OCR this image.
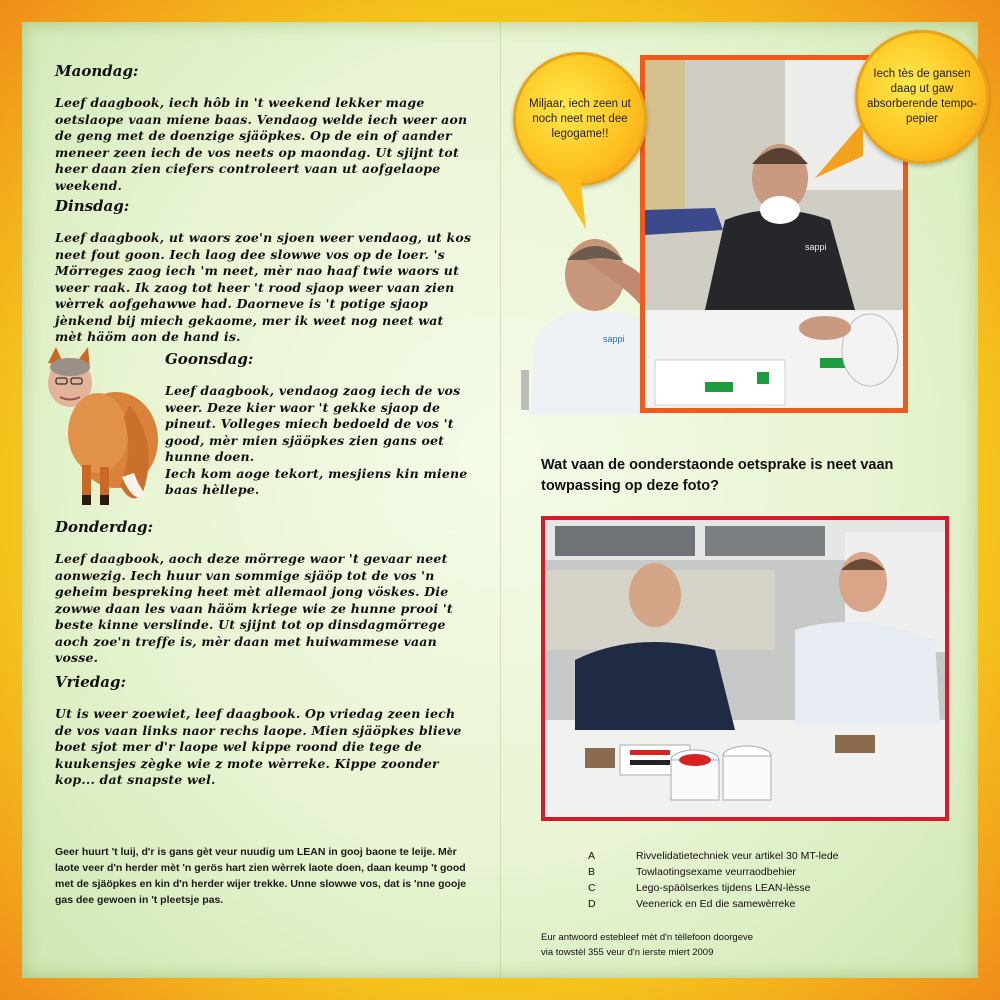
Maondag:
Leef daagbook, iech hôb in 't weekend lekker mage oetslaope vaan miene baas. Vendaog welde iech weer aon de geng met de doenzige sjäöpkes. Op de ein of aander meneer zeen iech de vos neets op maondag. Ut sjijnt tot heer daan zien ciefers controleert vaan ut aofgelaope weekend.
Dinsdag:
Leef daagbook, ut waors zoe'n sjoen weer vendaog, ut kos neet fout goon. Iech laog dee slowwe vos op de loer. 's Mörreges zaog iech 'm neet, mèr nao haaf twie waors ut weer raak. Ik zaog tot heer 't rood sjaop weer vaan zien wèrrek aofgehawwe had. Daorneve is 't potige sjaop jènkend bij miech gekaome, mer ik weet nog neet wat mèt häöm aon de hand is.
Goonsdag:
Leef daagbook, vendaog zaog iech de vos weer. Deze kier waor 't gekke sjaop de pineut. Volleges miech bedoeld de vos 't good, mèr mien sjäöpkes zien gans oet hunne doen.
Iech kom aoge tekort, mesjiens kin miene baas hèllepe.
Donderdag:
Leef daagbook, aoch deze mörrege waor 't gevaar neet aonwezig. Iech huur van sommige sjäöp tot de vos 'n geheim bespreking heet mèt allemaol jong vöskes. Die zowwe daan les vaan häöm kriege wie ze hunne prooi 't beste kinne verslinde. Ut sjijnt tot op dinsdagmörrege aoch zoe'n treffe is, mèr daan met huiwammese vaan vosse.
Vriedag:
Ut is weer zoewiet, leef daagbook. Op vriedag zeen iech de vos vaan links naor rechs laope. Mien sjäöpkes blieve boet sjot mer d'r laope wel kippe roond die tege de kuukensjes zègke wie z mote wèrreke. Kippe zoonder kop... dat snapste wel.
Geer huurt 't luij, d'r is gans gèt veur nuudig um LEAN in gooj baone te leije. Mèr laote veer d'n herder mèt 'n gerös hart zien wèrrek laote doen, daan keump 't good met de sjäöpkes en kin d'n herder wijer trekke. Unne slowwe vos, dat is 'nne gooje gas dee gewoen in 't pleetsje pas.
sappi
sappi
Miljaar, iech zeen ut noch neet met dee legogame!!
Iech tès de gansen daag ut gaw absorberende tempo-pepier
Wat vaan de oonderstaonde oetsprake is neet vaan towpassing op deze foto?
A	Rivvelidatietechniek veur artikel 30 MT-lede
B	Towlaotingsexame veurraodbehier
C	Lego-späölserkes tijdens LEAN-lèsse
D	Veenerick en Ed die samewèrreke
Eur antwoord estebleef mèt d'n tèllefoon doorgeve
via towstèl 355 veur d'n ierste miert 2009
